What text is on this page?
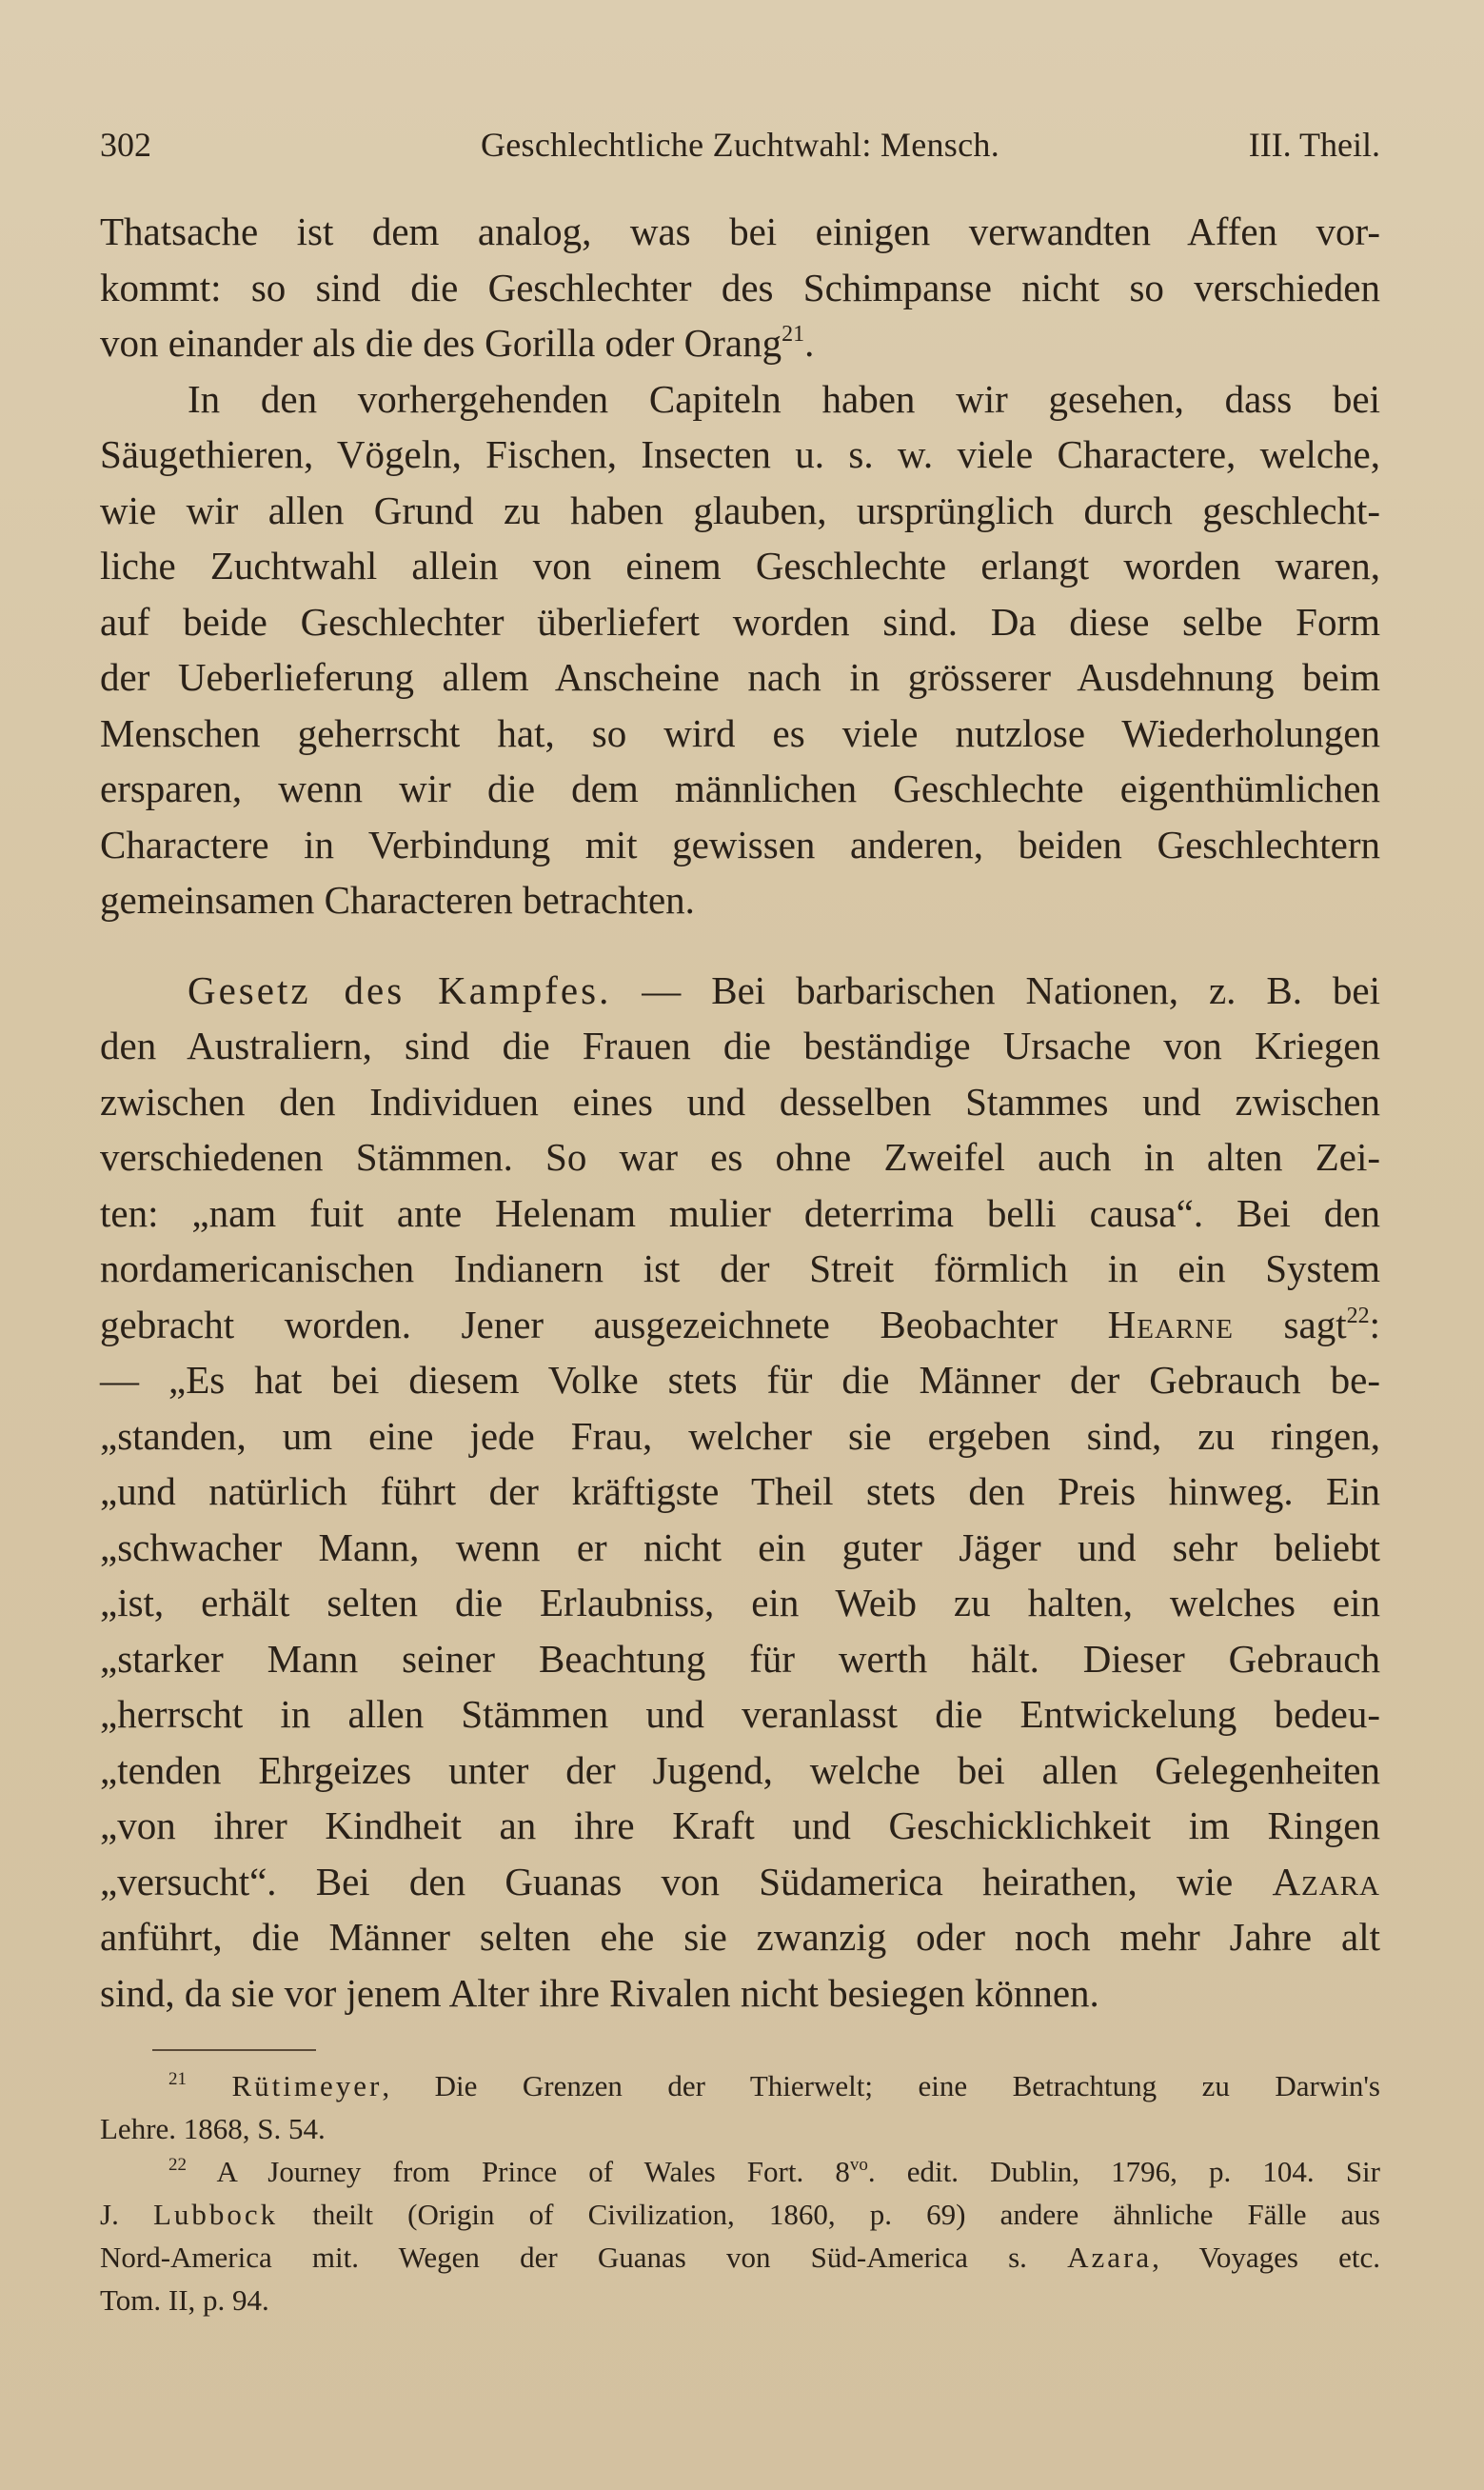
302	Geschlechtliche Zuchtwahl: Mensch.	III. Theil.
Thatsache ist dem analog, was bei einigen verwandten Affen vor-
kommt: so sind die Geschlechter des Schimpanse nicht so verschieden
von einander als die des Gorilla oder Orang$^{21}$.
In den vorhergehenden Capiteln haben wir gesehen, dass bei
Säugethieren, Vögeln, Fischen, Insecten u. s. w. viele Charactere, welche,
wie wir allen Grund zu haben glauben, ursprünglich durch geschlecht-
liche Zuchtwahl allein von einem Geschlechte erlangt worden waren,
auf beide Geschlechter überliefert worden sind. Da diese selbe Form
der Ueberlieferung allem Anscheine nach in grösserer Ausdehnung beim
Menschen geherrscht hat, so wird es viele nutzlose Wiederholungen
ersparen, wenn wir die dem männlichen Geschlechte eigenthümlichen
Charactere in Verbindung mit gewissen anderen, beiden Geschlechtern
gemeinsamen Characteren betrachten.
Gesetz des Kampfes. — Bei barbarischen Nationen, z. B. bei
den Australiern, sind die Frauen die beständige Ursache von Kriegen
zwischen den Individuen eines und desselben Stammes und zwischen
verschiedenen Stämmen. So war es ohne Zweifel auch in alten Zei-
ten: „nam fuit ante Helenam mulier deterrima belli causa“. Bei den
nordamericanischen Indianern ist der Streit förmlich in ein System
gebracht worden. Jener ausgezeichnete Beobachter Hearne sagt$^{22}$:
— „Es hat bei diesem Volke stets für die Männer der Gebrauch be-
„standen, um eine jede Frau, welcher sie ergeben sind, zu ringen,
„und natürlich führt der kräftigste Theil stets den Preis hinweg. Ein
„schwacher Mann, wenn er nicht ein guter Jäger und sehr beliebt
„ist, erhält selten die Erlaubniss, ein Weib zu halten, welches ein
„starker Mann seiner Beachtung für werth hält. Dieser Gebrauch
„herrscht in allen Stämmen und veranlasst die Entwickelung bedeu-
„tenden Ehrgeizes unter der Jugend, welche bei allen Gelegenheiten
„von ihrer Kindheit an ihre Kraft und Geschicklichkeit im Ringen
„versucht“. Bei den Guanas von Südamerica heirathen, wie Azara
anführt, die Männer selten ehe sie zwanzig oder noch mehr Jahre alt
sind, da sie vor jenem Alter ihre Rivalen nicht besiegen können.
$^{21}$ Rütimeyer, Die Grenzen der Thierwelt; eine Betrachtung zu Darwin's
Lehre. 1868, S. 54.
$^{22}$ A Journey from Prince of Wales Fort. $8^{vo}$. edit. Dublin, 1796, p. 104. Sir
J. Lubbock theilt (Origin of Civilization, 1860, p. 69) andere ähnliche Fälle aus
Nord-America mit. Wegen der Guanas von Süd-America s. Azara, Voyages etc.
Tom. II, p. 94.
